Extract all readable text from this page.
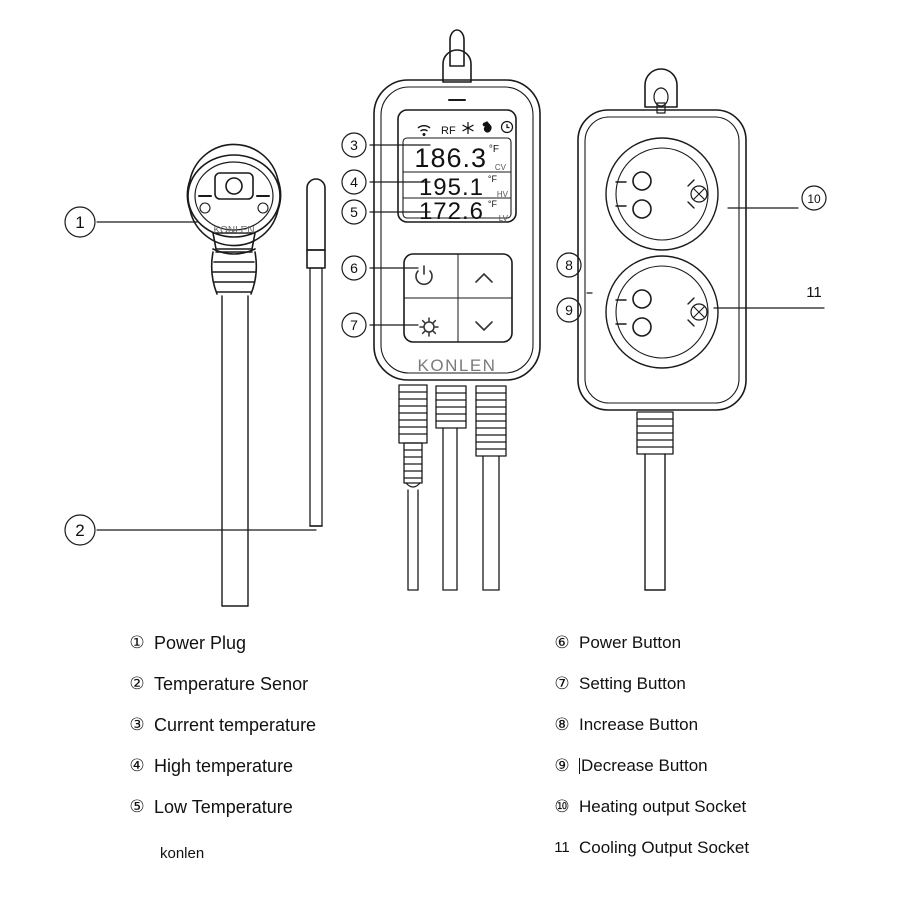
1
2
3
4
5
6
7
8
9
10
11
KONLEN
KONLEN
RF
186.3 °F
CV
195.1 °F
HV
172.6 °F
LV
① Power Plug
② Temperature Senor
③ Current temperature
④ High temperature
⑤ Low Temperature
⑥ Power Button
⑦ Setting Button
⑧ Increase Button
⑨ Decrease Button
⑩ Heating output Socket
11 Cooling Output Socket
konlen
